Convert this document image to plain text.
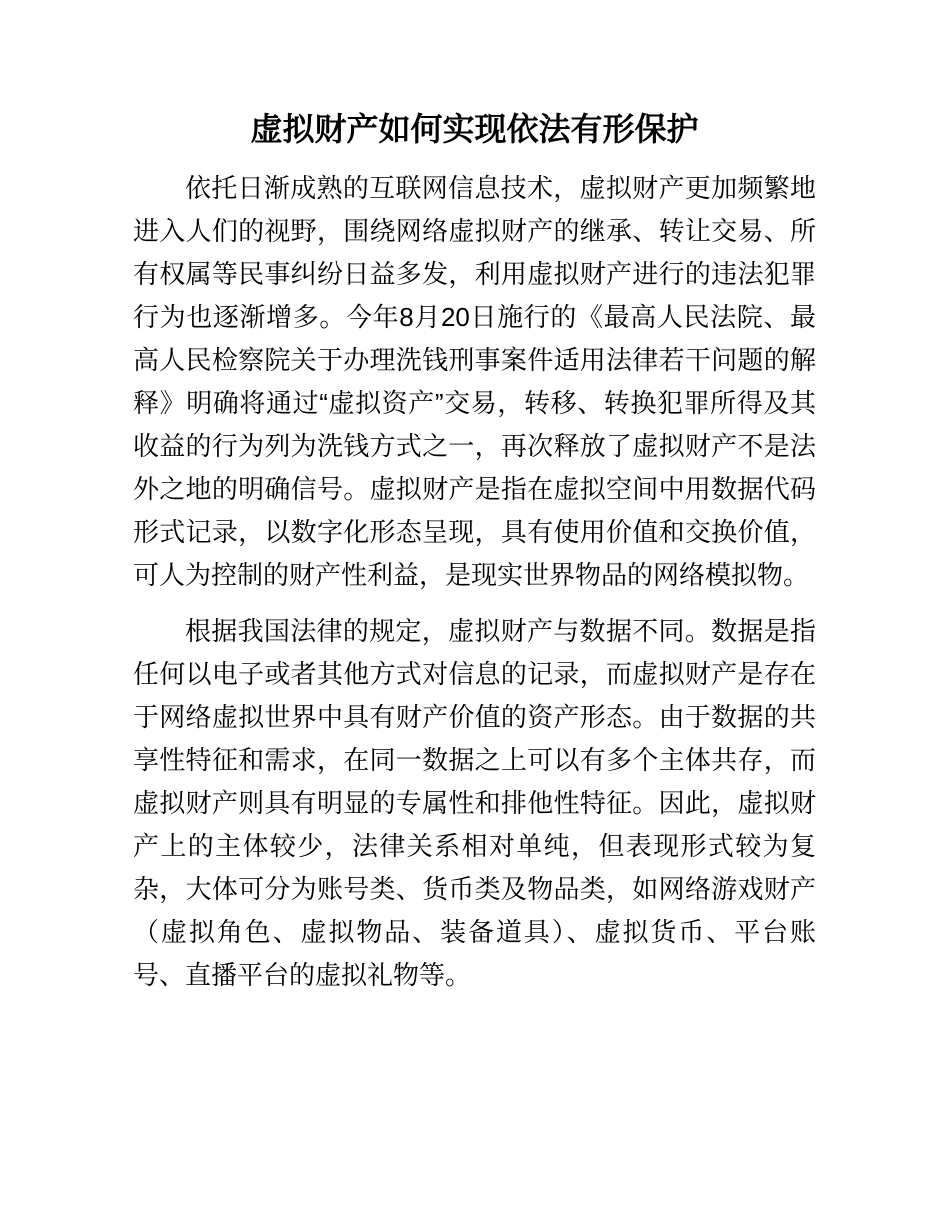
虚拟财产如何实现依法有形保护

依托日渐成熟的互联网信息技术，虚拟财产更加频繁地进入人们的视野，围绕网络虚拟财产的继承、转让交易、所有权属等民事纠纷日益多发，利用虚拟财产进行的违法犯罪行为也逐渐增多。今年8月20日施行的《最高人民法院、最高人民检察院关于办理洗钱刑事案件适用法律若干问题的解释》明确将通过“虚拟资产”交易，转移、转换犯罪所得及其收益的行为列为洗钱方式之一，再次释放了虚拟财产不是法外之地的明确信号。虚拟财产是指在虚拟空间中用数据代码形式记录，以数字化形态呈现，具有使用价值和交换价值，可人为控制的财产性利益，是现实世界物品的网络模拟物。

根据我国法律的规定，虚拟财产与数据不同。数据是指任何以电子或者其他方式对信息的记录，而虚拟财产是存在于网络虚拟世界中具有财产价值的资产形态。由于数据的共享性特征和需求，在同一数据之上可以有多个主体共存，而虚拟财产则具有明显的专属性和排他性特征。因此，虚拟财产上的主体较少，法律关系相对单纯，但表现形式较为复杂，大体可分为账号类、货币类及物品类，如网络游戏财产（虚拟角色、虚拟物品、装备道具）、虚拟货币、平台账号、直播平台的虚拟礼物等。
